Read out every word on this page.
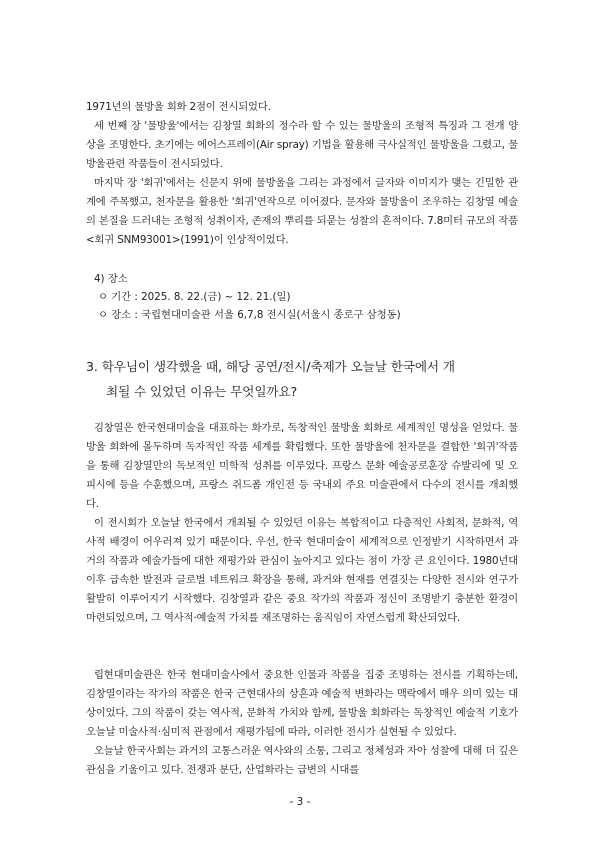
1971년의 물방울 회화 2점이 전시되었다.
세 번째 장 '물방울'에서는 김창열 회화의 정수라 할 수 있는 물방울의 조형적 특징과 그 전개 양상을 조명한다. 초기에는 에어스프레이(Air spray) 기법을 활용해 극사실적인 물방울을 그렸고, 물방울관련 작품들이 전시되었다.
마지막 장 '회귀'에서는 신문지 위에 물방울을 그리는 과정에서 글자와 이미지가 맺는 긴밀한 관계에 주목했고, 천자문을 활용한 '회귀'연작으로 이어졌다. 문자와 물방울이 조우하는 김창열 예술의 본질을 드러내는 조형적 성취이자, 존재의 뿌리를 되묻는 성찰의 흔적이다. 7.8미터 규모의 작품 <회귀 SNM93001>(1991)이 인상적이었다.
4) 장소
ㅇ 기간 : 2025. 8. 22.(금) ~ 12. 21.(일)
ㅇ 장소 : 국립현대미술관 서울 6,7,8 전시실(서울시 종로구 삼청동)
3. 학우님이 생각했을 때, 해당 공연/전시/축제가 오늘날 한국에서 개
최될 수 있었던 이유는 무엇일까요?
김창열은 한국현대미술을 대표하는 화가로, 독창적인 물방울 회화로 세계적인 명성을 얻었다. 물방울 회화에 몰두하며 독자적인 작품 세계를 확립했다. 또한 물방울에 천자문을 결합한 '회귀'작품을 통해 김창열만의 독보적인 미학적 성취를 이루었다. 프랑스 문화 예술공로훈장 슈발리에 및 오피시에 등을 수훈했으며, 프랑스 쥐드폼 개인전 등 국내외 주요 미술관에서 다수의 전시를 개최했다.
이 전시회가 오늘날 한국에서 개최될 수 있었던 이유는 복합적이고 다층적인 사회적, 문화적, 역사적 배경이 어우러져 있기 때문이다. 우선, 한국 현대미술이 세계적으로 인정받기 시작하면서 과거의 작품과 예술가들에 대한 재평가와 관심이 높아지고 있다는 점이 가장 큰 요인이다. 1980년대 이후 급속한 발전과 글로벌 네트워크 확장을 통해, 과거와 현재를 연결짓는 다양한 전시와 연구가 활발히 이루어지기 시작했다. 김창열과 같은 중요 작가의 작품과 정신이 조명받기 충분한 환경이 마련되었으며, 그 역사적·예술적 가치를 재조명하는 움직임이 자연스럽게 확산되었다.
립현대미술관은 한국 현대미술사에서 중요한 인물과 작품을 집중 조명하는 전시를 기획하는데, 김창열이라는 작가의 작품은 한국 근현대사의 상흔과 예술적 변화라는 맥락에서 매우 의미 있는 대상이었다. 그의 작품이 갖는 역사적, 문화적 가치와 함께, 물방울 회화라는 독창적인 예술적 기호가 오늘날 미술사적·심미적 관점에서 재평가됨에 따라, 이러한 전시가 실현될 수 있었다.
오늘날 한국사회는 과거의 고통스러운 역사와의 소통, 그리고 정체성과 자아 성찰에 대해 더 깊은 관심을 기울이고 있다. 전쟁과 분단, 산업화라는 급변의 시대를
- 3 -
